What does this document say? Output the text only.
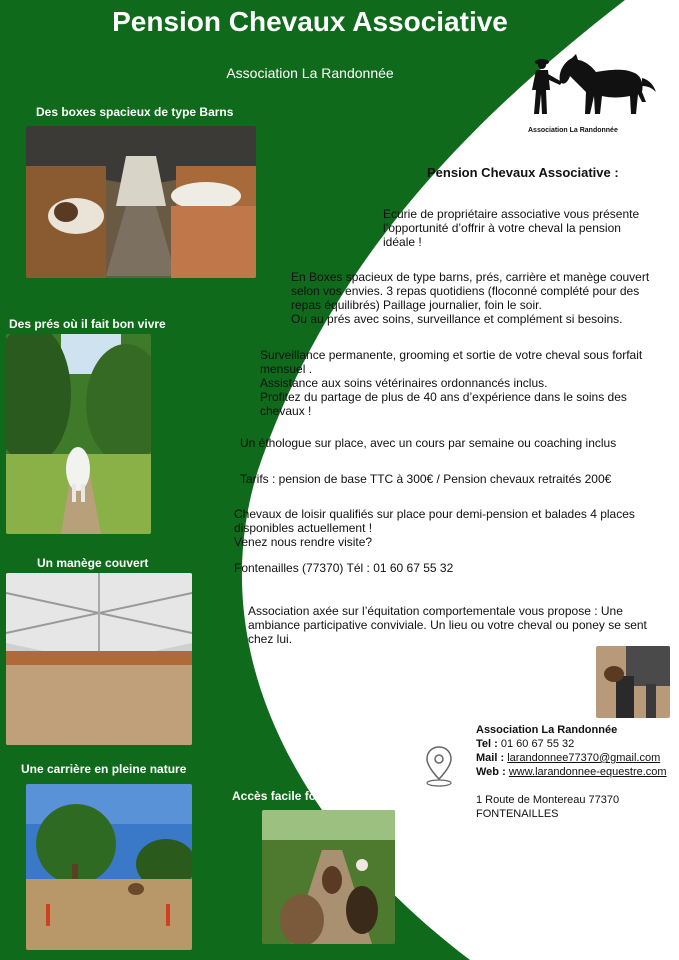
Pension Chevaux Associative
Association La Randonnée
Association La Randonnée
Des boxes spacieux de type Barns
Des prés où il fait bon vivre
Un manège couvert
Une carrière en pleine nature
Accès facile forêt domaniale
Pension Chevaux Associative :
Ecurie de propriétaire associative vous présente
l’opportunité d’offrir à votre cheval la pension
idéale !
En Boxes spacieux de type barns, prés, carrière et manège couvert
selon vos envies. 3 repas quotidiens (floconné complété pour des
repas équilibrés) Paillage journalier, foin le soir.
Ou au prés avec soins, surveillance et complément si besoins.
Surveillance permanente, grooming et sortie de votre cheval sous forfait
mensuel .
Assistance aux soins vétérinaires ordonnancés inclus.
Profitez du partage de plus de 40 ans d’expérience dans le soins des
chevaux !
Un éthologue sur place, avec un cours par semaine ou coaching inclus
Tarifs : pension de base TTC à 300€ / Pension chevaux retraités 200€
Chevaux de loisir qualifiés sur place pour demi-pension et balades 4 places
disponibles actuellement !
Venez nous rendre visite?
Fontenailles (77370) Tél : 01 60 67 55 32
Association axée sur l’équitation comportementale vous propose : Une
ambiance participative conviviale. Un lieu ou votre cheval ou poney se sent
chez lui.
Association La Randonnée
Tel : 01 60 67 55 32
Mail : larandonnee77370@gmail.com
Web : www.larandonnee-equestre.com
1 Route de Montereau 77370
FONTENAILLES
